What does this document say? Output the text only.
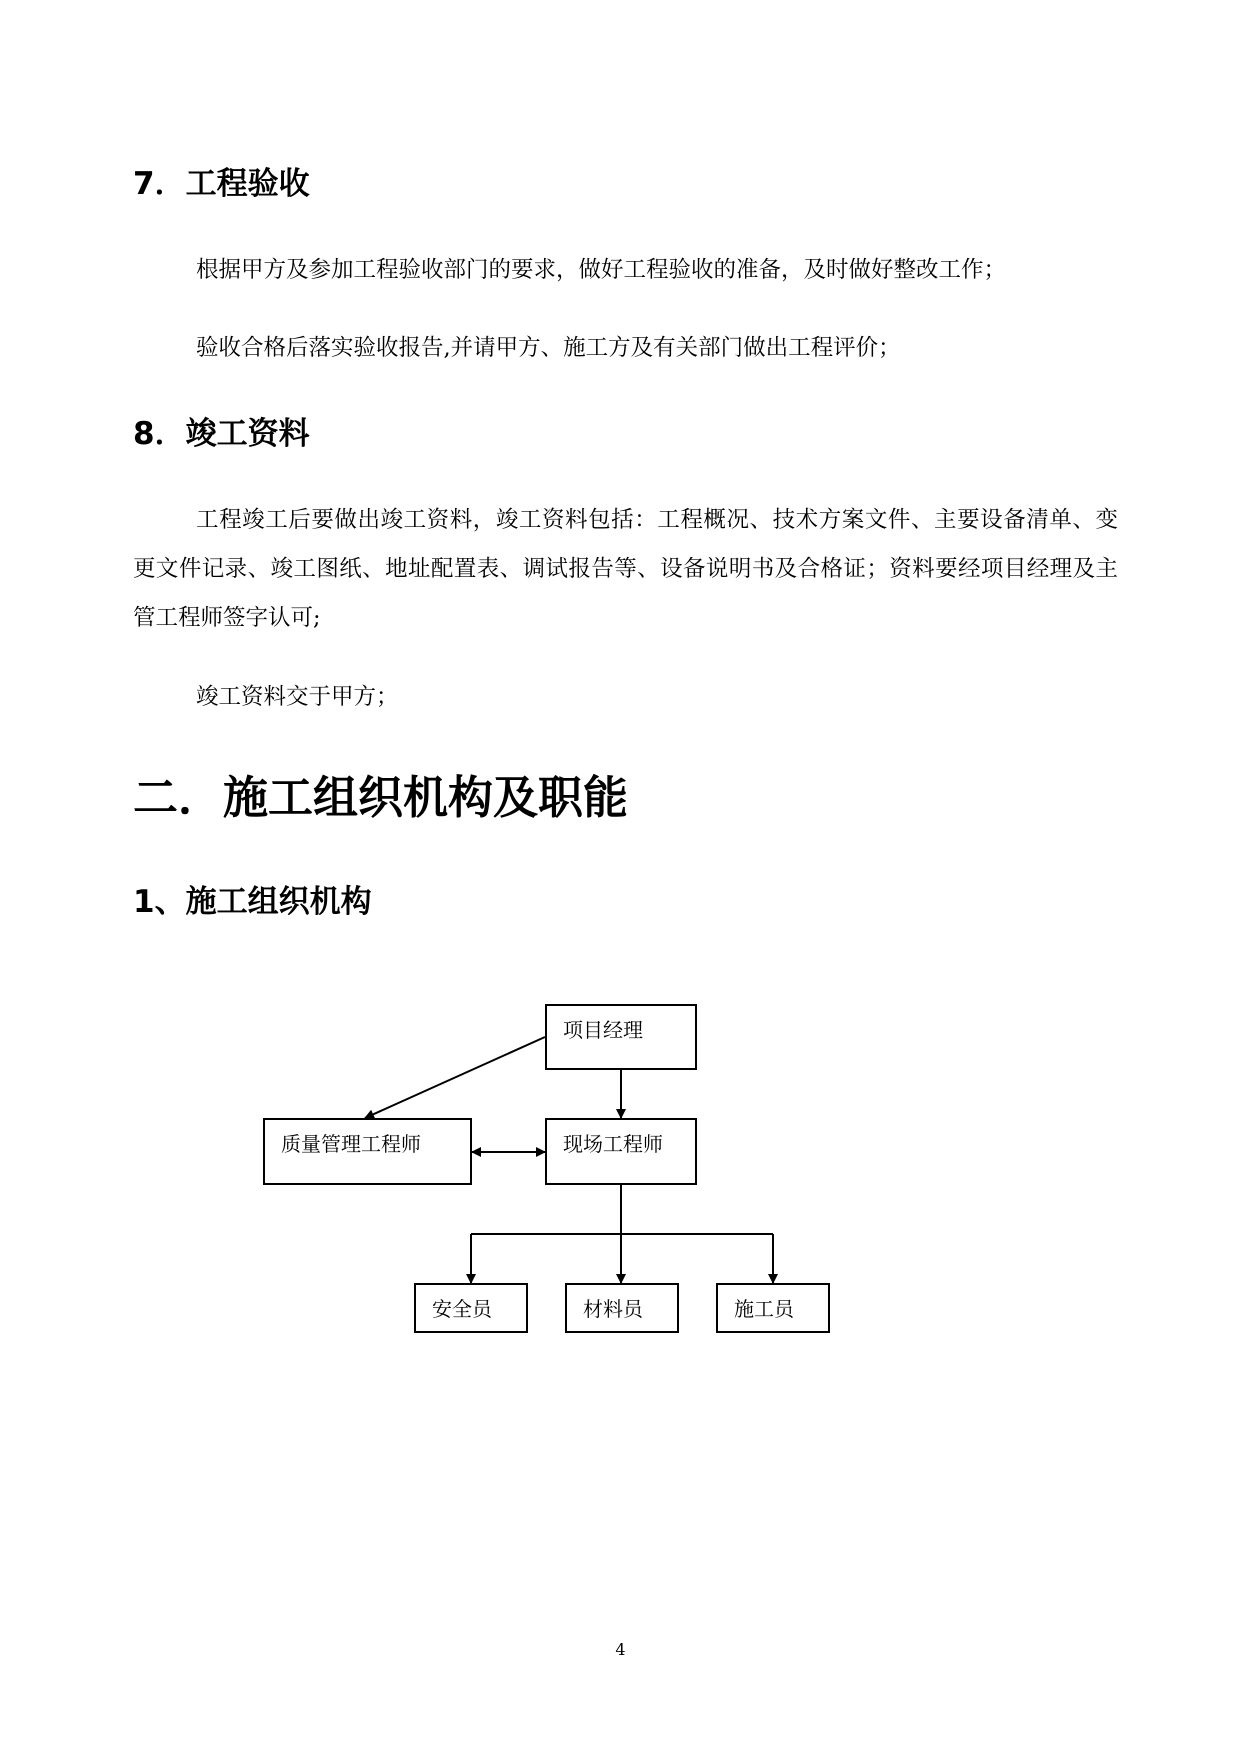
7．工程验收

根据甲方及参加工程验收部门的要求，做好工程验收的准备，及时做好整改工作；

验收合格后落实验收报告,并请甲方、施工方及有关部门做出工程评价；

8．竣工资料

工程竣工后要做出竣工资料，竣工资料包括：工程概况、技术方案文件、主要设备清单、变更文件记录、竣工图纸、地址配置表、调试报告等、设备说明书及合格证；资料要经项目经理及主管工程师签字认可;

竣工资料交于甲方；

二．施工组织机构及职能
1、施工组织机构
项目经理
质量管理工程师	现场工程师
安全员	材料员	施工员
4
